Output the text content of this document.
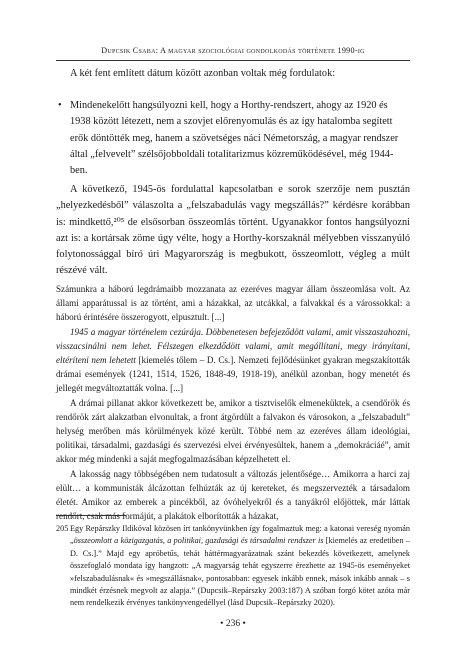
Dupcsik Csaba: A magyar szociológiai gondolkodás története 1990-ig

A két fent említett dátum között azonban voltak még fordulatok:

• Mindenekelőtt hangsúlyozni kell, hogy a Horthy-rendszert, ahogy az 1920 és 1938 között létezett, nem a szovjet előrenyomulás és az így hatalomba segített erők döntötték meg, hanem a szövetséges náci Németország, a magyar rendszer által „felvevelt” szélsőjobboldali totalitarizmus közreműködésével, még 1944-ben.

A következő, 1945-ös fordulattal kapcsolatban e sorok szerzője nem pusztán „helyezkedésből” válaszolta a „felszabadulás vagy megszállás?” kérdésre korábban is: mindkettő,²⁰⁵ de elsősorban összeomlás történt. Ugyanakkor fontos hangsúlyozni azt is: a kortársak zöme úgy vélte, hogy a Horthy-korszaknál mélyebben visszanyúló folytonossággal bíró úri Magyarország is megbukott, összeomlott, végleg a múlt részévé vált.

Számunkra a háború legdrámaibb mozzanata az ezeréves magyar állam összeomlása volt. Az állami apparátussal is az történt, ami a házakkal, az utcákkal, a falvakkal és a várossokkal: a háború érintésére összerogyott, elpusztult. [...]

1945 a magyar történelem cezúrája. Döbbenetesen befejeződött valami, amit visszaszahozni, visszacsinálni nem lehet. Félszegen elkezdődött valami, amit megállítani, megy irányítani, eltéríteni nem lehetett [kiemelés tőlem – D. Cs.]. Nemzeti fejlődésünket gyakran megszakították drámai események (1241, 1514, 1526, 1848-49, 1918-19), anélkül azonban, hogy menetét és jellegét megváltoztatták volna. [...]

A drámai pillanat akkor következett be, amikor a tisztviselők elmeneküktek, a csendőrök és rendőrök zárt alakzatban elvonultak, a front átgördült a falvakon és városokon, a „felszabadult” helység merőben más körülmények közé került. Többé nem az ezeréves állam ideológiai, politikai, társadalmi, gazdasági és szervezési elvei érvényesültek, hanem a „demokráciáé”, amit akkor még mindenki a saját megfogalmazásában képzelhetett el.

A lakosság nagy többségében nem tudatosult a változás jelentősége… Amikorra a harci zaj elült… a kommunisták álcázottan felhúzták az új kereteket, és megszervezték a társadalom életét. Amikor az emberek a pincékből, az óvóhelyekről és a tanyákról előjöttek, már láttak rendőrt, csak más formájút, a plakátok elborították a házakat,

205 Egy Repárszky Ildikóval közösen írt tankönyvünkben így fogalmaztuk meg: a katonai vereség nyomán „összeomlott a közigazgatás, a politikai, gazdasági és társadalmi rendszer is [kiemelés az eredetiben – D. Cs.].” Majd egy apróbetűs, tehát háttérmagyarázatnak szánt bekezdés következett, amelynek összefoglaló mondata így hangzott: „A magyarság tehát egyszerre érezhette az 1945-ös eseményeket »felszabadulásnak« és »megszállásnak«, pontosabban: egyesek inkább ennek, mások inkább annak – s mindkét érzésnek megvolt az alapja.” (Dupcsik–Repárszky 2003:187) A szóban forgó kötet azóta már nem rendelkezik érvényes tankönyvengedéllyel (lásd Dupcsik–Repárszky 2020).

• 236 •
